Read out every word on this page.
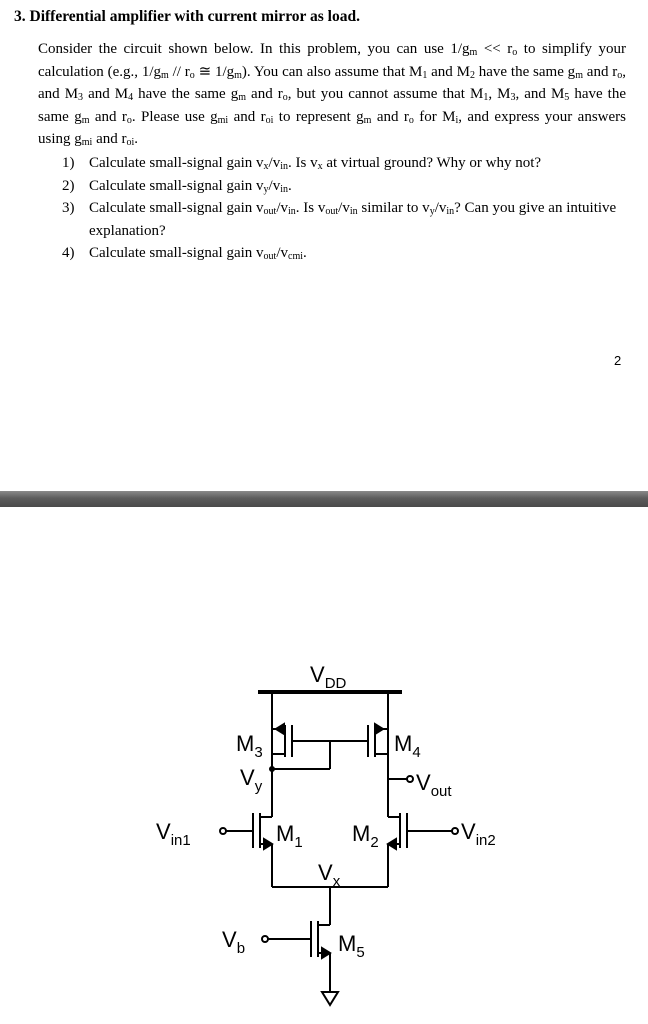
3. Differential amplifier with current mirror as load.
Consider the circuit shown below. In this problem, you can use $1/g_m << r_o$ to simplify your calculation (e.g., $1/g_m // r_o$ ≅ $1/g_m$). You can also assume that $M_1$ and $M_2$ have the same $g_m$ and $r_o$, and $M_3$ and $M_4$ have the same $g_m$ and $r_o$, but you cannot assume that $M_1$, $M_3$, and $M_5$ have the same $g_m$ and $r_o$. Please use $g_{mi}$ and $r_{oi}$ to represent $g_m$ and $r_o$ for $M_i$, and express your answers using $g_{mi}$ and $r_{oi}$.
1) Calculate small-signal gain $v_x/v_{in}$. Is $v_x$ at virtual ground? Why or why not?
2) Calculate small-signal gain $v_y/v_{in}$.
3) Calculate small-signal gain $v_{out}/v_{in}$. Is $v_{out}/v_{in}$ similar to $v_y/v_{in}$? Can you give an intuitive explanation?
4) Calculate small-signal gain $v_{out}/v_{cmi}$.
2
$V_{DD}$
$M_3$	$M_4$
$V_y$	$V_{out}$
$V_{in1}$	$M_1$ $M_2$	$V_{in2}$
$V_x$
$V_b$	$M_5$
